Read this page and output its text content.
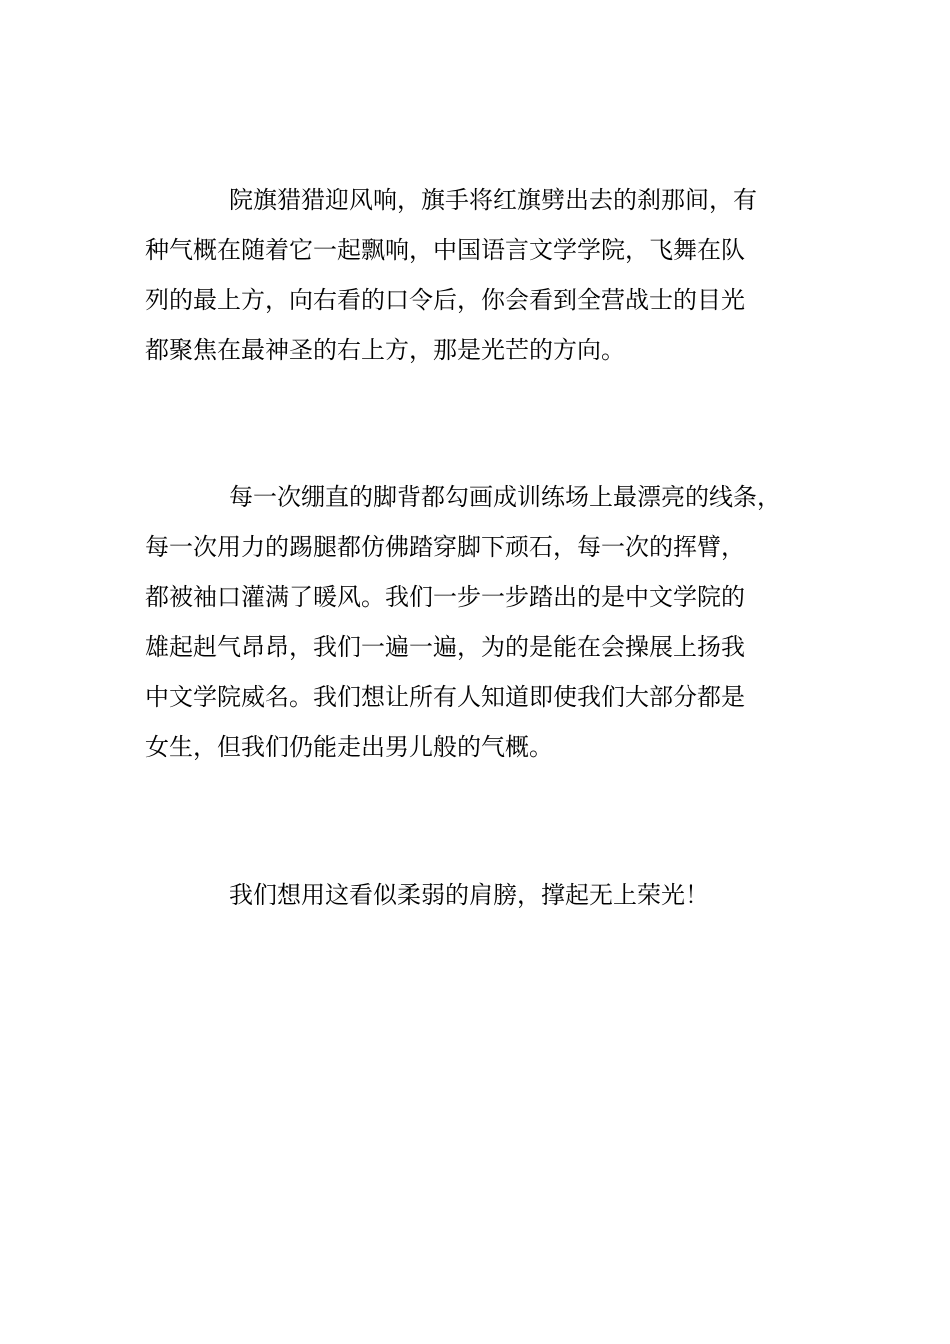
院旗猎猎迎风响，旗手将红旗劈出去的刹那间，有
种气概在随着它一起飘响，中国语言文学学院，飞舞在队
列的最上方，向右看的口令后，你会看到全营战士的目光
都聚焦在最神圣的右上方，那是光芒的方向。
每一次绷直的脚背都勾画成训练场上最漂亮的线条，
每一次用力的踢腿都仿佛踏穿脚下顽石，每一次的挥臂，
都被袖口灌满了暖风。我们一步一步踏出的是中文学院的
雄起赳气昂昂，我们一遍一遍，为的是能在会操展上扬我
中文学院威名。我们想让所有人知道即使我们大部分都是
女生，但我们仍能走出男儿般的气概。
我们想用这看似柔弱的肩膀，撑起无上荣光！
